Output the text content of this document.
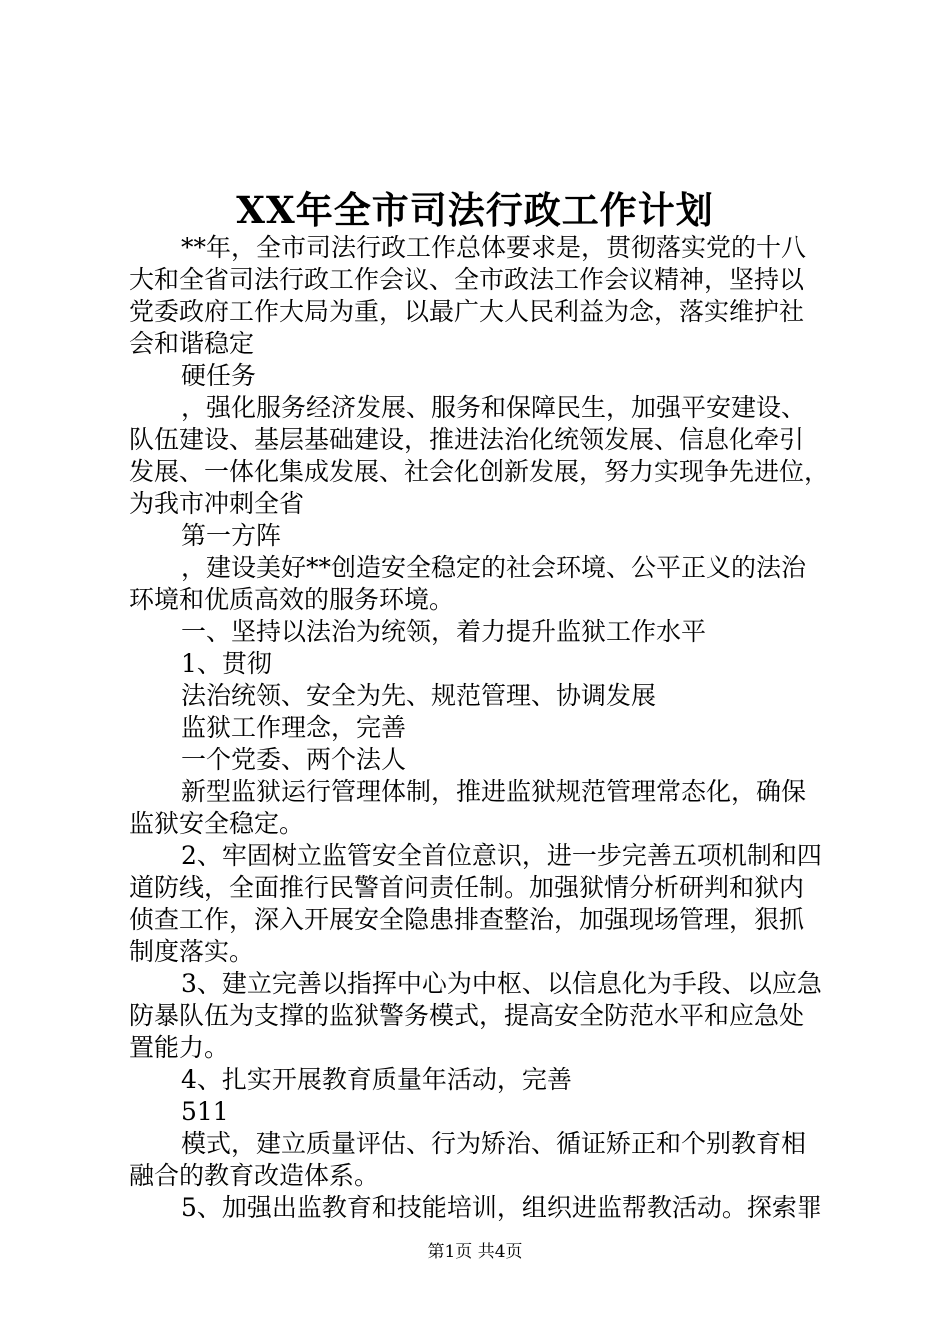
XX年全市司法行政工作计划
**年，全市司法行政工作总体要求是，贯彻落实党的十八
大和全省司法行政工作会议、全市政法工作会议精神，坚持以
党委政府工作大局为重，以最广大人民利益为念，落实维护社
会和谐稳定
硬任务
，强化服务经济发展、服务和保障民生，加强平安建设、
队伍建设、基层基础建设，推进法治化统领发展、信息化牵引
发展、一体化集成发展、社会化创新发展，努力实现争先进位，
为我市冲刺全省
第一方阵
，建设美好**创造安全稳定的社会环境、公平正义的法治
环境和优质高效的服务环境。
一、坚持以法治为统领，着力提升监狱工作水平
1、贯彻
法治统领、安全为先、规范管理、协调发展
监狱工作理念，完善
一个党委、两个法人
新型监狱运行管理体制，推进监狱规范管理常态化，确保
监狱安全稳定。
2、牢固树立监管安全首位意识，进一步完善五项机制和四
道防线，全面推行民警首问责任制。加强狱情分析研判和狱内
侦查工作，深入开展安全隐患排查整治，加强现场管理，狠抓
制度落实。
3、建立完善以指挥中心为中枢、以信息化为手段、以应急
防暴队伍为支撑的监狱警务模式，提高安全防范水平和应急处
置能力。
4、扎实开展教育质量年活动，完善
511
模式，建立质量评估、行为矫治、循证矫正和个别教育相
融合的教育改造体系。
5、加强出监教育和技能培训，组织进监帮教活动。探索罪
第1页 共4页
